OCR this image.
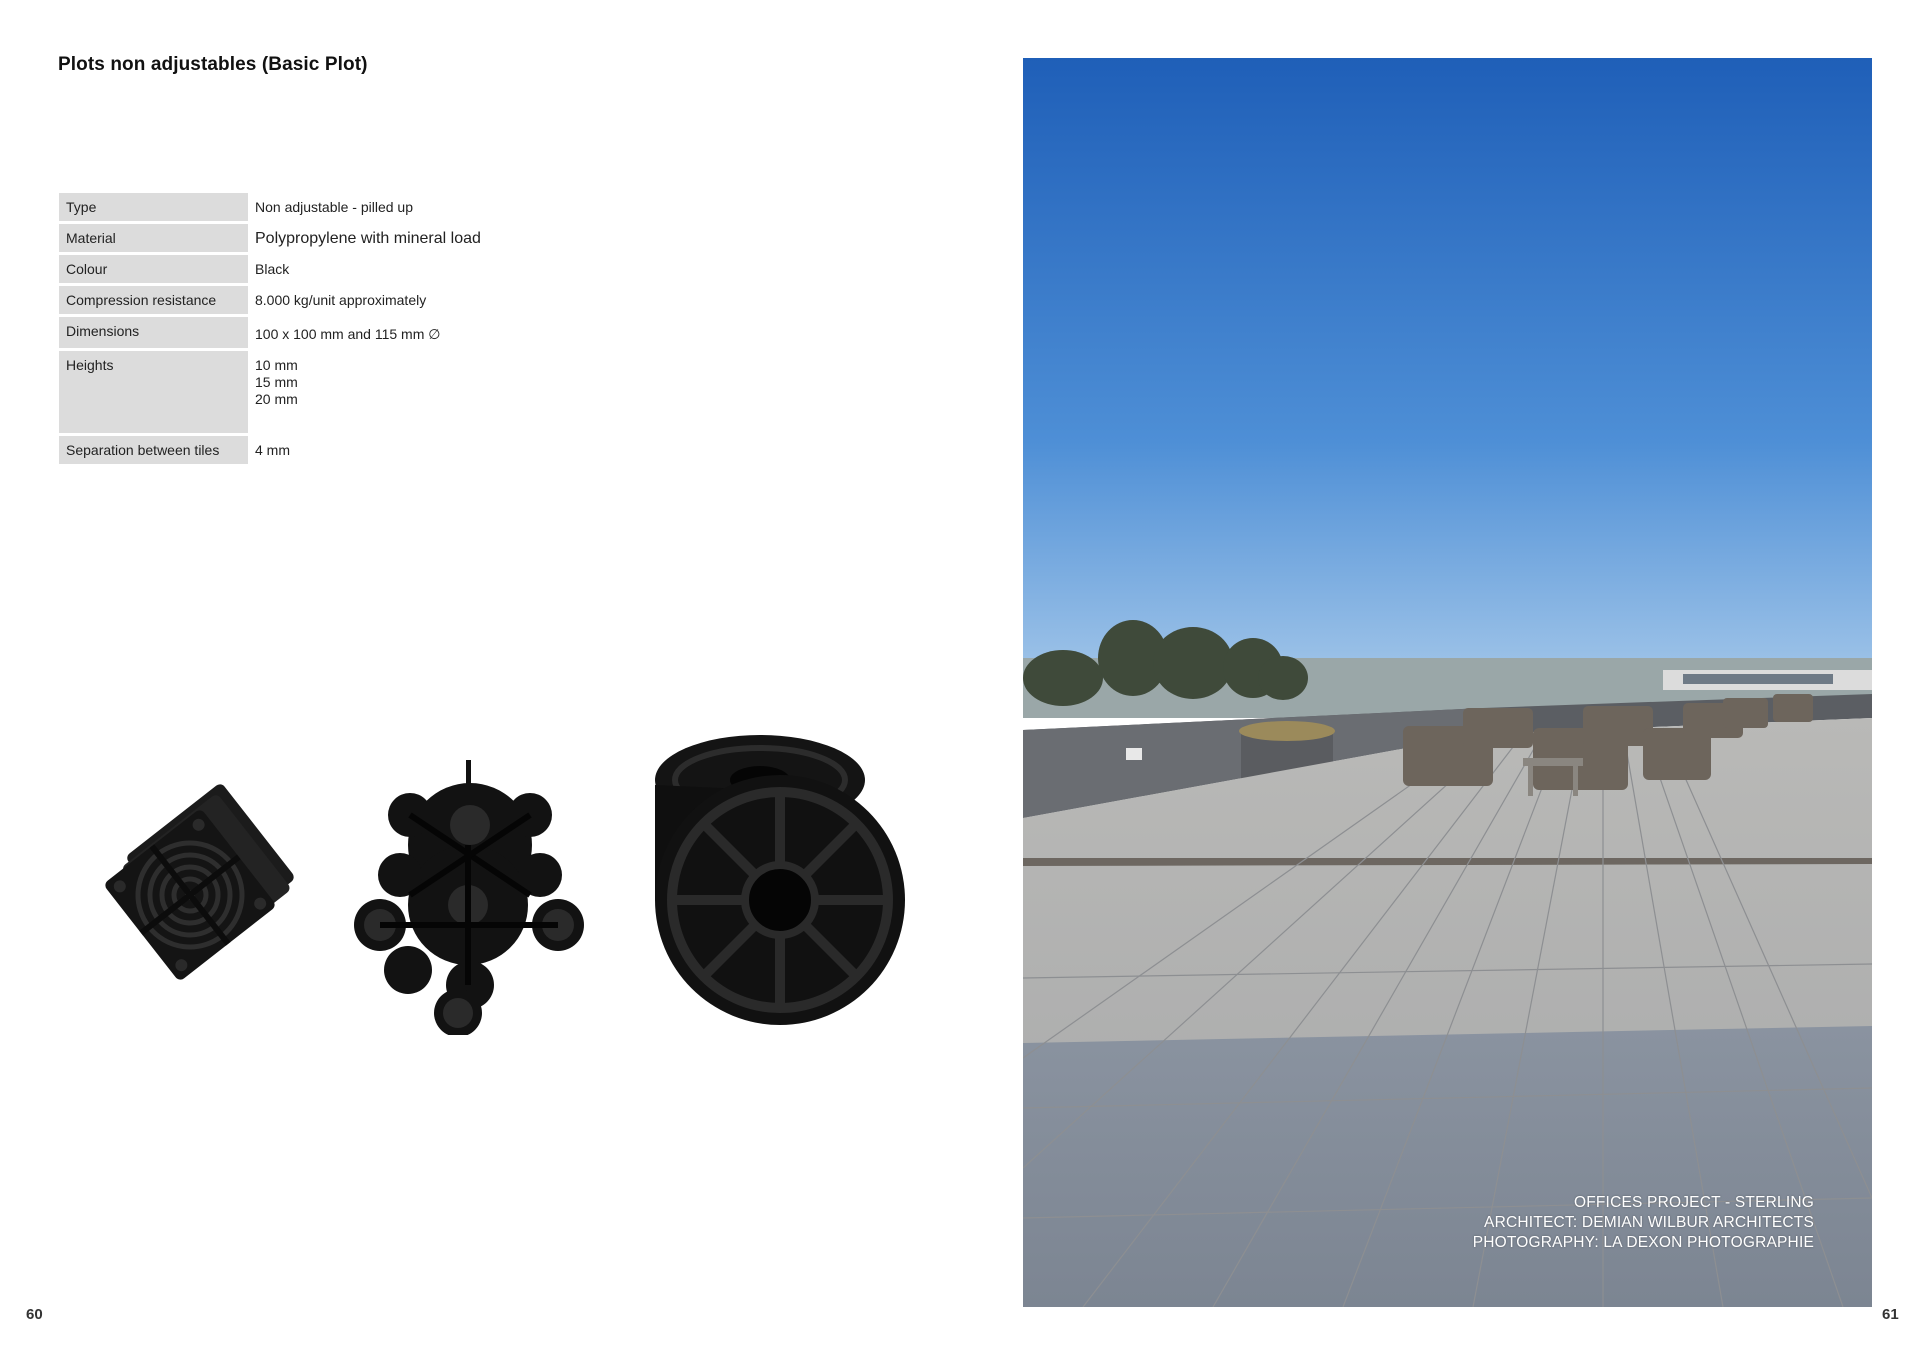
Plots non adjustables (Basic Plot)
Type	Non adjustable - pilled up
Material	Polypropylene with mineral load
Colour	Black
Compression resistance	8.000 kg/unit approximately
Dimensions	100 x 100 mm and 115 mm ∅
Heights	10 mm
15 mm
20 mm

Separation between tiles	4 mm
OFFICES PROJECT - STERLING
ARCHITECT: DEMIAN WILBUR ARCHITECTS
PHOTOGRAPHY: LA DEXON PHOTOGRAPHIE
60	61
